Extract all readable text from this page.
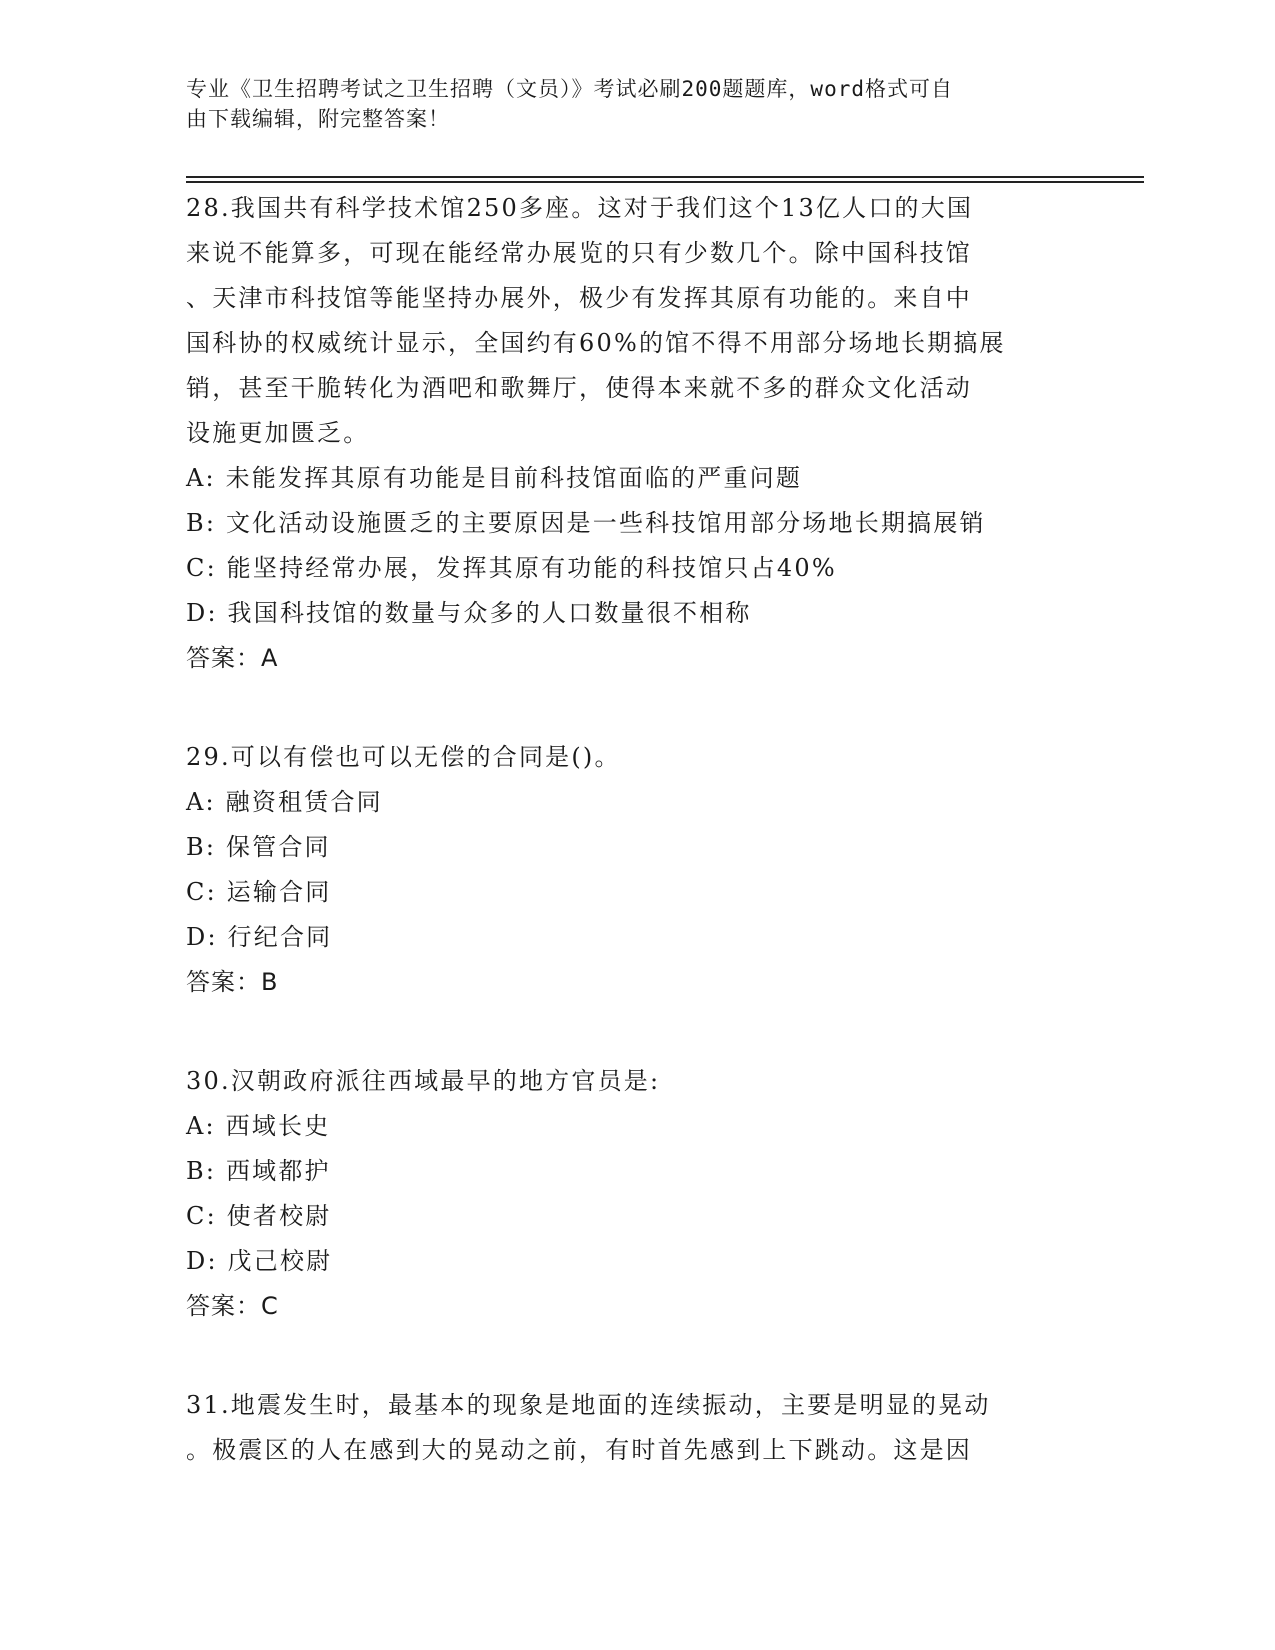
专业《卫生招聘考试之卫生招聘（文员）》考试必刷200题题库，word格式可自
由下载编辑，附完整答案！
28.我国共有科学技术馆250多座。这对于我们这个13亿人口的大国
来说不能算多，可现在能经常办展览的只有少数几个。除中国科技馆
、天津市科技馆等能坚持办展外，极少有发挥其原有功能的。来自中
国科协的权威统计显示，全国约有60%的馆不得不用部分场地长期搞展
销，甚至干脆转化为酒吧和歌舞厅，使得本来就不多的群众文化活动
设施更加匮乏。
A: 未能发挥其原有功能是目前科技馆面临的严重问题
B: 文化活动设施匮乏的主要原因是一些科技馆用部分场地长期搞展销
C: 能坚持经常办展，发挥其原有功能的科技馆只占40%
D: 我国科技馆的数量与众多的人口数量很不相称
答案：A
29.可以有偿也可以无偿的合同是()。
A: 融资租赁合同
B: 保管合同
C: 运输合同
D: 行纪合同
答案：B
30.汉朝政府派往西域最早的地方官员是:
A: 西域长史
B: 西域都护
C: 使者校尉
D: 戊己校尉
答案：C
31.地震发生时，最基本的现象是地面的连续振动，主要是明显的晃动
。极震区的人在感到大的晃动之前，有时首先感到上下跳动。这是因
